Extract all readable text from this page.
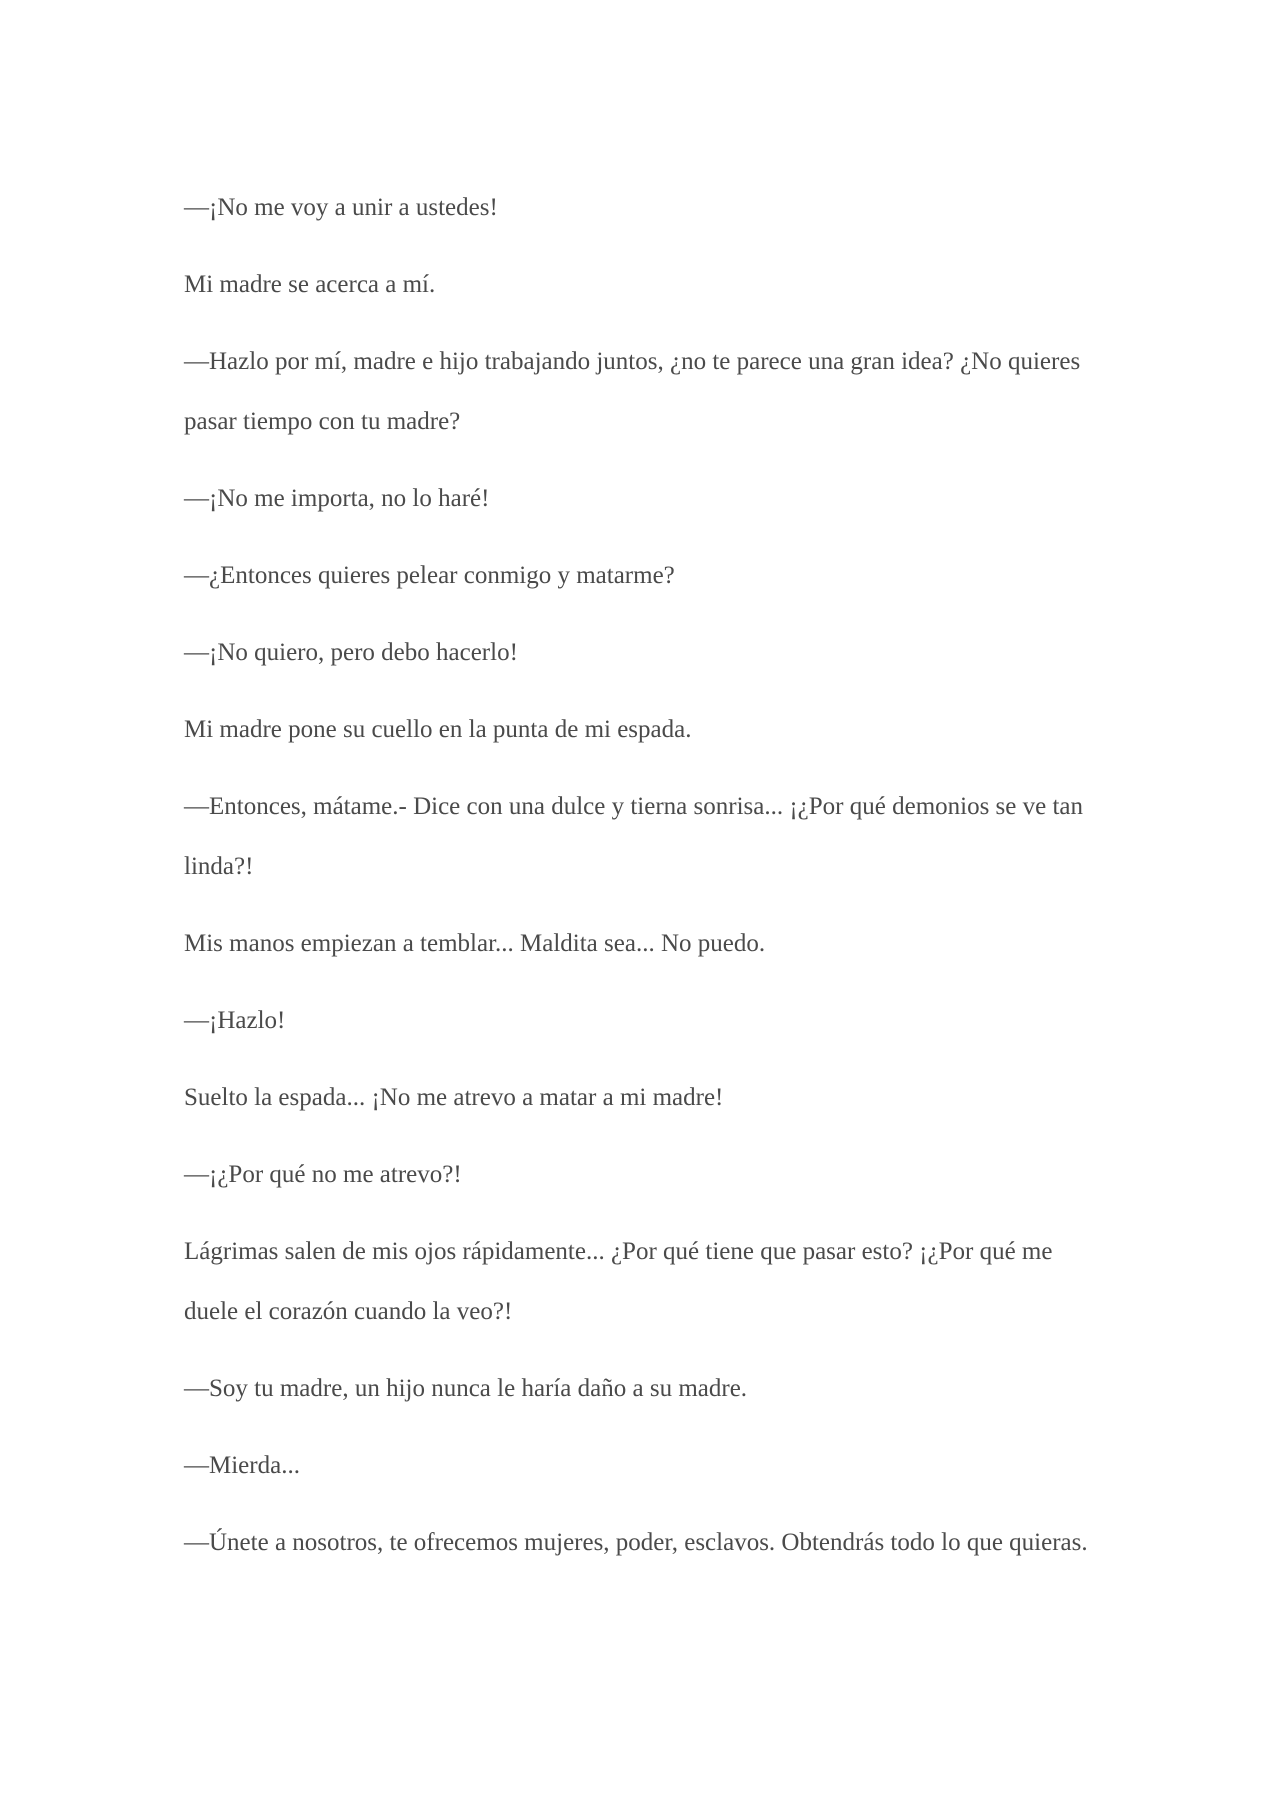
—¡No me voy a unir a ustedes!

Mi madre se acerca a mí.

—Hazlo por mí, madre e hijo trabajando juntos, ¿no te parece una gran idea? ¿No quieres pasar tiempo con tu madre?

—¡No me importa, no lo haré!

—¿Entonces quieres pelear conmigo y matarme?

—¡No quiero, pero debo hacerlo!

Mi madre pone su cuello en la punta de mi espada.

—Entonces, mátame.- Dice con una dulce y tierna sonrisa... ¡¿Por qué demonios se ve tan linda?!

Mis manos empiezan a temblar... Maldita sea... No puedo.

—¡Hazlo!

Suelto la espada... ¡No me atrevo a matar a mi madre!

—¡¿Por qué no me atrevo?!

Lágrimas salen de mis ojos rápidamente... ¿Por qué tiene que pasar esto? ¡¿Por qué me duele el corazón cuando la veo?!

—Soy tu madre, un hijo nunca le haría daño a su madre.

—Mierda...

—Únete a nosotros, te ofrecemos mujeres, poder, esclavos. Obtendrás todo lo que quieras.
